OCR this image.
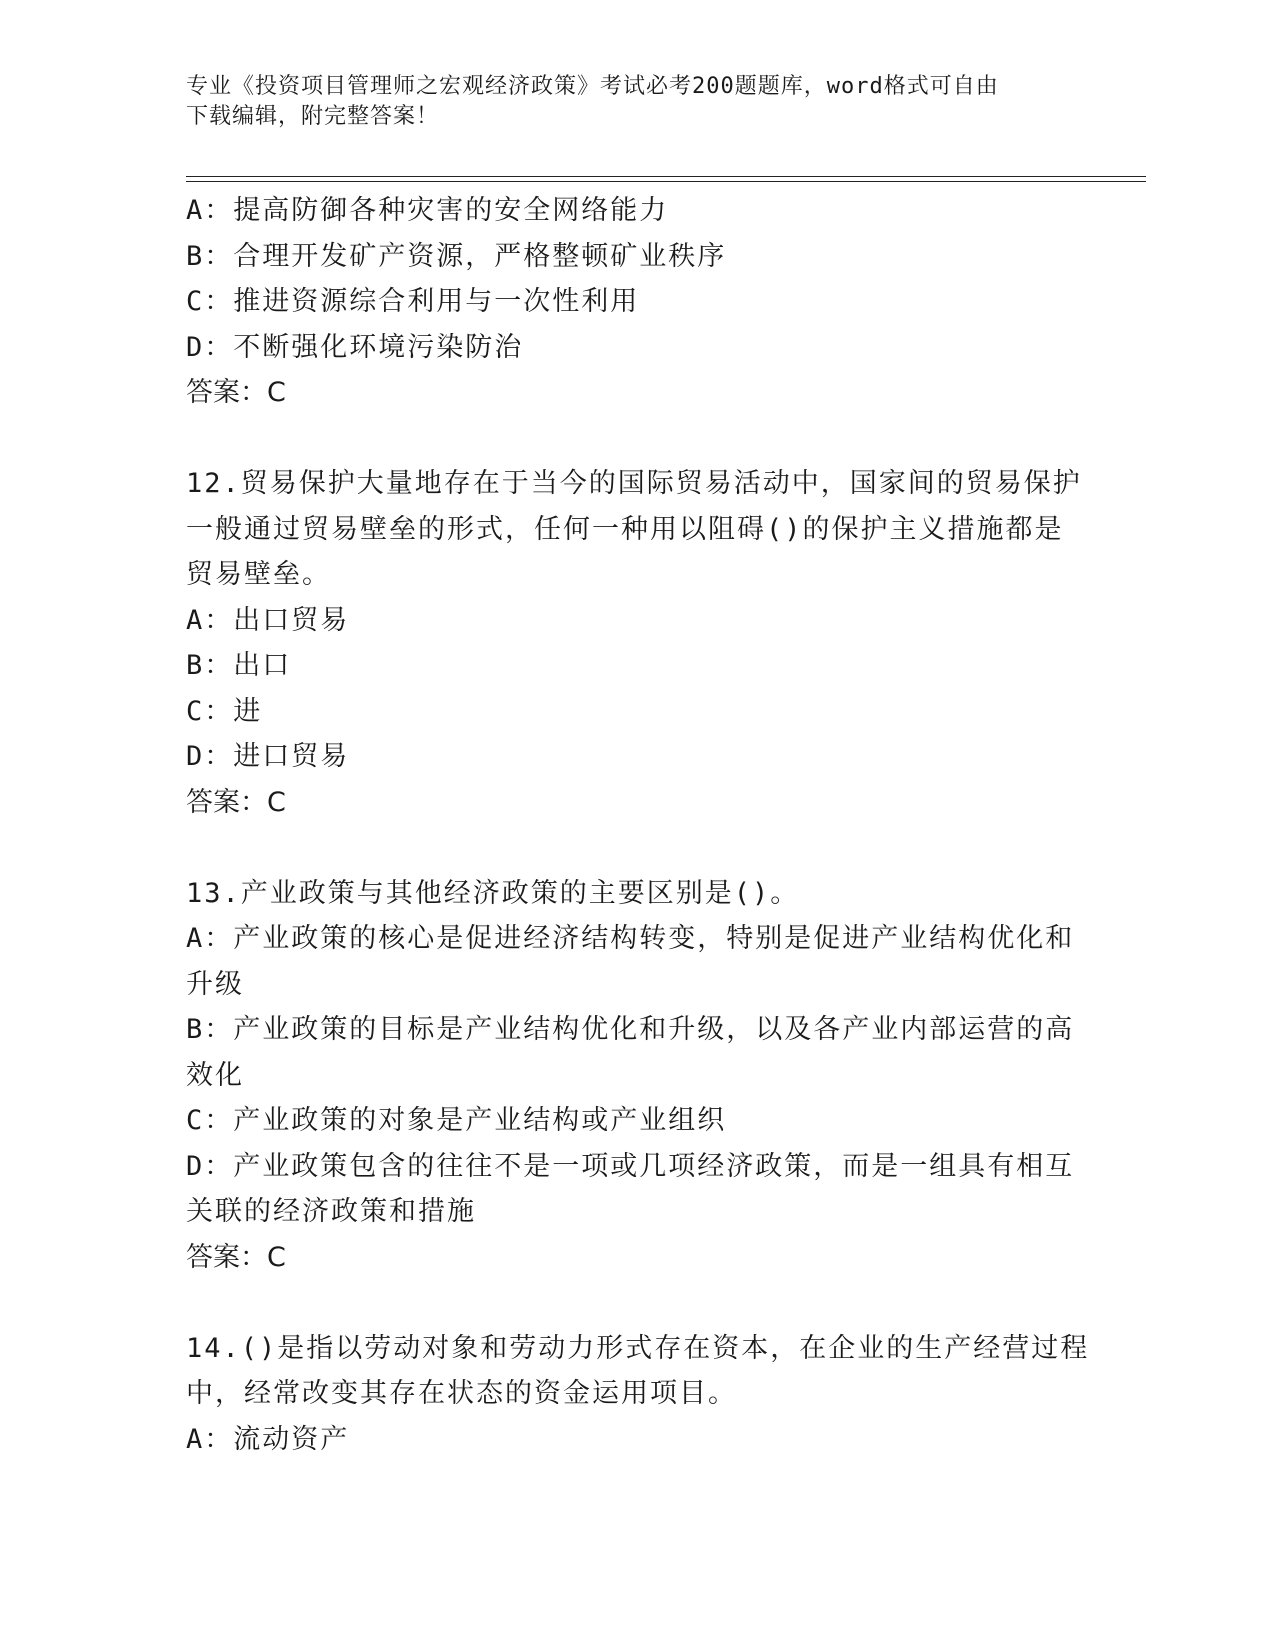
专业《投资项目管理师之宏观经济政策》考试必考200题题库，word格式可自由
下载编辑，附完整答案！
A：提高防御各种灾害的安全网络能力
B：合理开发矿产资源，严格整顿矿业秩序
C：推进资源综合利用与一次性利用
D：不断强化环境污染防治
答案：C
12.贸易保护大量地存在于当今的国际贸易活动中，国家间的贸易保护
一般通过贸易壁垒的形式，任何一种用以阻碍()的保护主义措施都是
贸易壁垒。
A：出口贸易
B：出口
C：进
D：进口贸易
答案：C
13.产业政策与其他经济政策的主要区别是()。
A：产业政策的核心是促进经济结构转变，特别是促进产业结构优化和
升级
B：产业政策的目标是产业结构优化和升级，以及各产业内部运营的高
效化
C：产业政策的对象是产业结构或产业组织
D：产业政策包含的往往不是一项或几项经济政策，而是一组具有相互
关联的经济政策和措施
答案：C
14.()是指以劳动对象和劳动力形式存在资本，在企业的生产经营过程
中，经常改变其存在状态的资金运用项目。
A：流动资产
